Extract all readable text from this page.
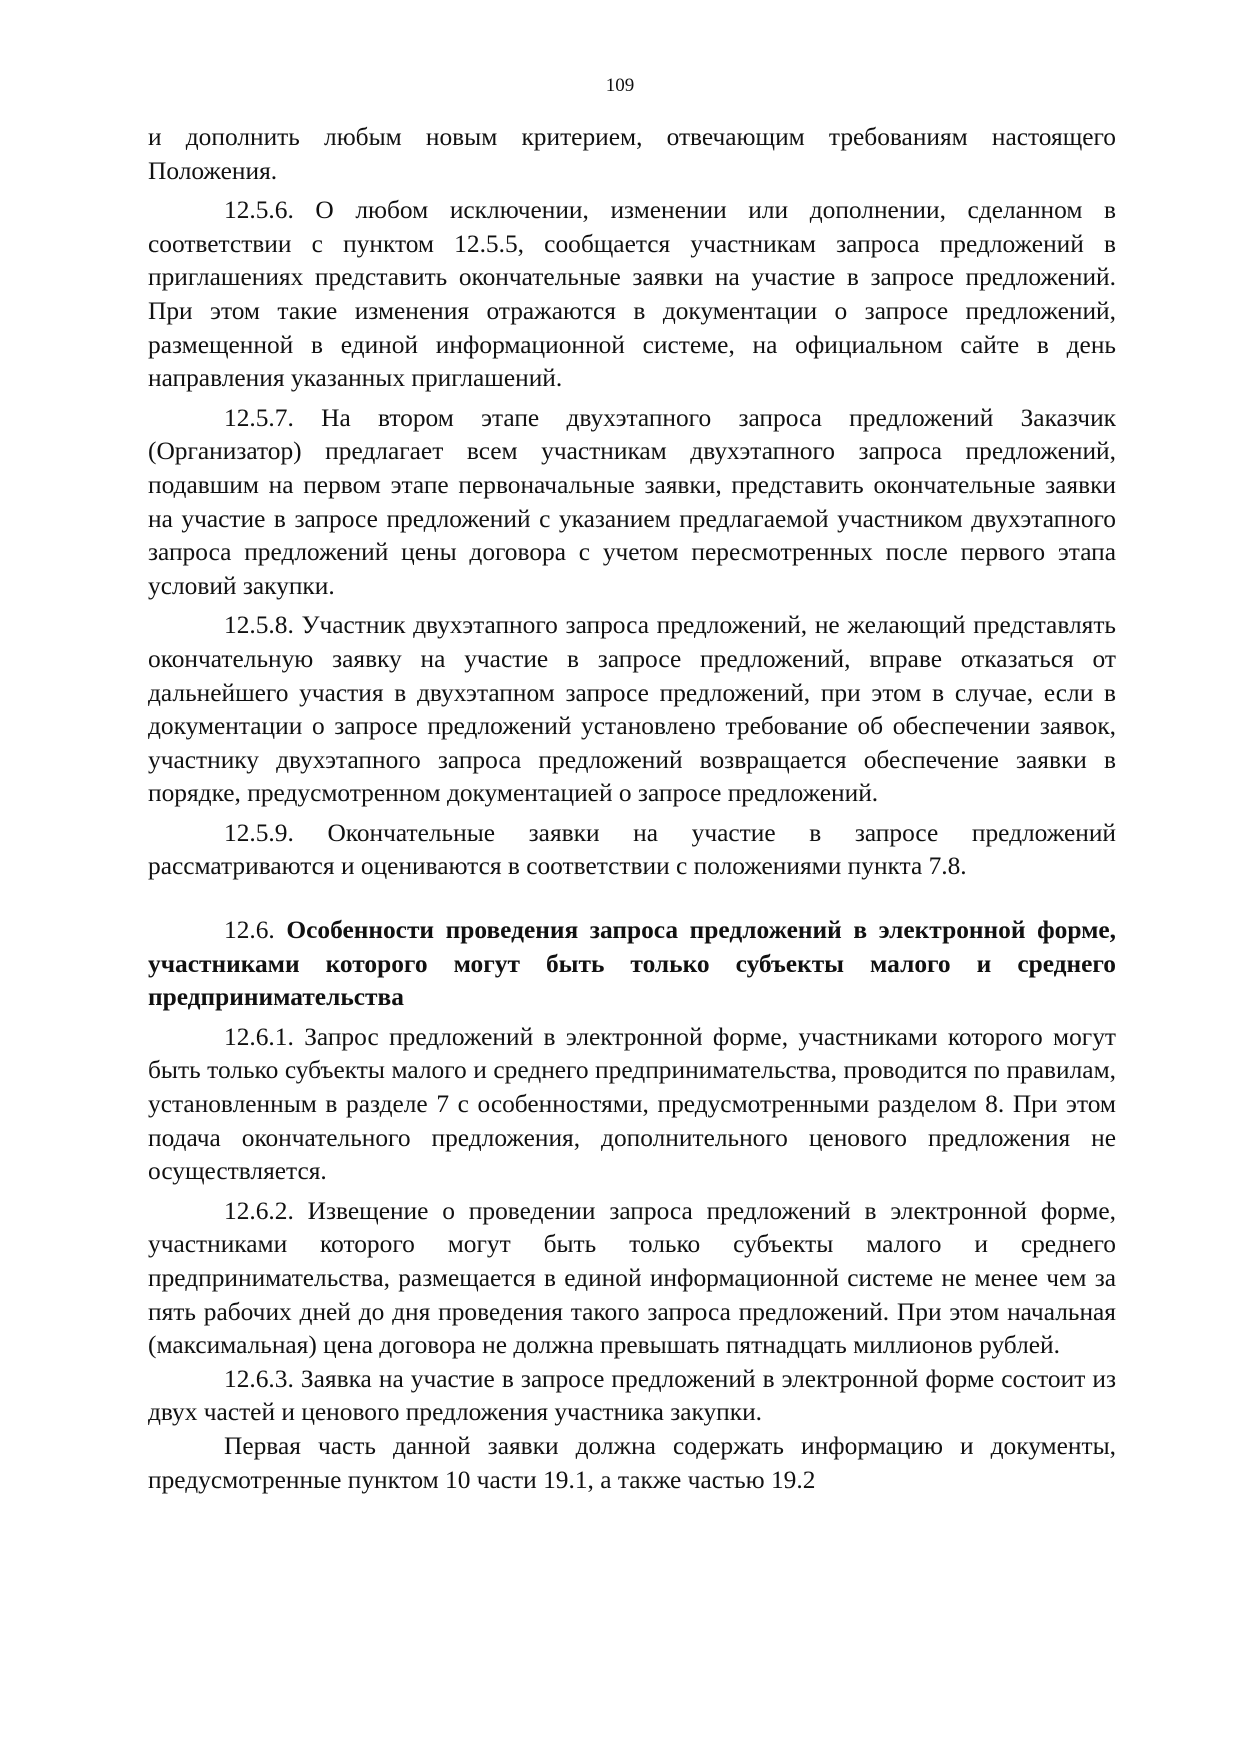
109

и дополнить любым новым критерием, отвечающим требованиям настоящего Положения.

12.5.6. О любом исключении, изменении или дополнении, сделанном в соответствии с пунктом 12.5.5, сообщается участникам запроса предложений в приглашениях представить окончательные заявки на участие в запросе предложений. При этом такие изменения отражаются в документации о запросе предложений, размещенной в единой информационной системе, на официальном сайте в день направления указанных приглашений.

12.5.7. На втором этапе двухэтапного запроса предложений Заказчик (Организатор) предлагает всем участникам двухэтапного запроса предложений, подавшим на первом этапе первоначальные заявки, представить окончательные заявки на участие в запросе предложений с указанием предлагаемой участником двухэтапного запроса предложений цены договора с учетом пересмотренных после первого этапа условий закупки.

12.5.8. Участник двухэтапного запроса предложений, не желающий представлять окончательную заявку на участие в запросе предложений, вправе отказаться от дальнейшего участия в двухэтапном запросе предложений, при этом в случае, если в документации о запросе предложений установлено требование об обеспечении заявок, участнику двухэтапного запроса предложений возвращается обеспечение заявки в порядке, предусмотренном документацией о запросе предложений.

12.5.9. Окончательные заявки на участие в запросе предложений рассматриваются и оцениваются в соответствии с положениями пункта 7.8.

12.6. Особенности проведения запроса предложений в электронной форме, участниками которого могут быть только субъекты малого и среднего предпринимательства

12.6.1. Запрос предложений в электронной форме, участниками которого могут быть только субъекты малого и среднего предпринимательства, проводится по правилам, установленным в разделе 7 с особенностями, предусмотренными разделом 8. При этом подача окончательного предложения, дополнительного ценового предложения не осуществляется.

12.6.2. Извещение о проведении запроса предложений в электронной форме, участниками которого могут быть только субъекты малого и среднего предпринимательства, размещается в единой информационной системе не менее чем за пять рабочих дней до дня проведения такого запроса предложений. При этом начальная (максимальная) цена договора не должна превышать пятнадцать миллионов рублей.

12.6.3. Заявка на участие в запросе предложений в электронной форме состоит из двух частей и ценового предложения участника закупки.

Первая часть данной заявки должна содержать информацию и документы, предусмотренные пунктом 10 части 19.1, а также частью 19.2
